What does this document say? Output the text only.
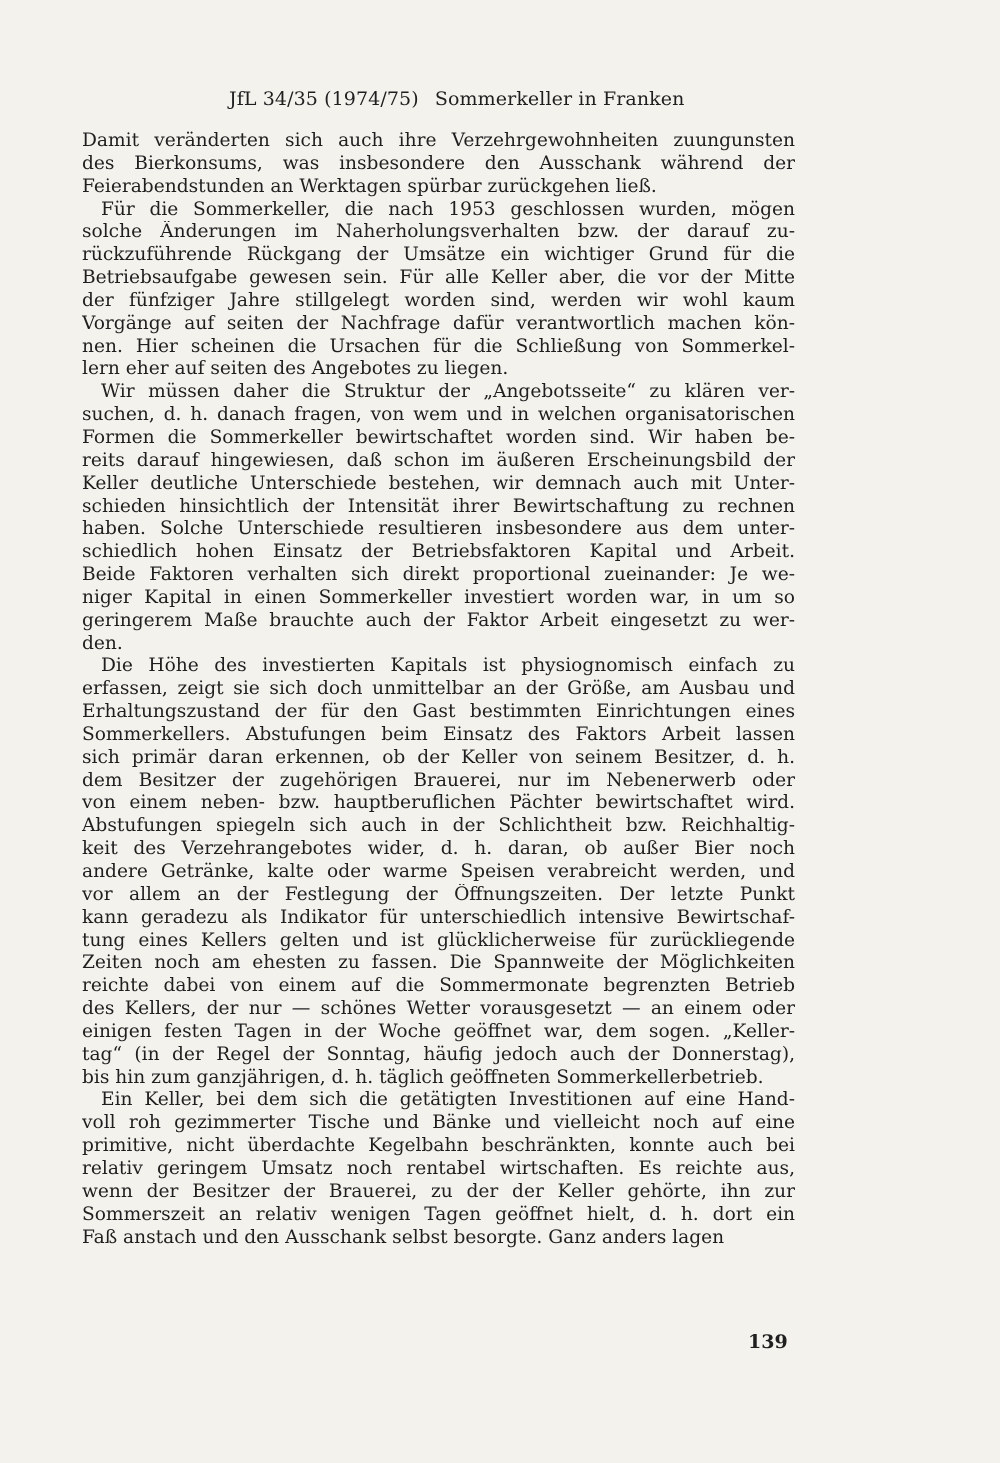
JfL 34/35 (1974/75) Sommerkeller in Franken
Damit veränderten sich auch ihre Verzehrgewohnheiten zuungunsten
des Bierkonsums, was insbesondere den Ausschank während der
Feierabendstunden an Werktagen spürbar zurückgehen ließ.
Für die Sommerkeller, die nach 1953 geschlossen wurden, mögen
solche Änderungen im Naherholungsverhalten bzw. der darauf zu-
rückzuführende Rückgang der Umsätze ein wichtiger Grund für die
Betriebsaufgabe gewesen sein. Für alle Keller aber, die vor der Mitte
der fünfziger Jahre stillgelegt worden sind, werden wir wohl kaum
Vorgänge auf seiten der Nachfrage dafür verantwortlich machen kön-
nen. Hier scheinen die Ursachen für die Schließung von Sommerkel-
lern eher auf seiten des Angebotes zu liegen.
Wir müssen daher die Struktur der „Angebotsseite“ zu klären ver-
suchen, d. h. danach fragen, von wem und in welchen organisatorischen
Formen die Sommerkeller bewirtschaftet worden sind. Wir haben be-
reits darauf hingewiesen, daß schon im äußeren Erscheinungsbild der
Keller deutliche Unterschiede bestehen, wir demnach auch mit Unter-
schieden hinsichtlich der Intensität ihrer Bewirtschaftung zu rechnen
haben. Solche Unterschiede resultieren insbesondere aus dem unter-
schiedlich hohen Einsatz der Betriebsfaktoren Kapital und Arbeit.
Beide Faktoren verhalten sich direkt proportional zueinander: Je we-
niger Kapital in einen Sommerkeller investiert worden war, in um so
geringerem Maße brauchte auch der Faktor Arbeit eingesetzt zu wer-
den.
Die Höhe des investierten Kapitals ist physiognomisch einfach zu
erfassen, zeigt sie sich doch unmittelbar an der Größe, am Ausbau und
Erhaltungszustand der für den Gast bestimmten Einrichtungen eines
Sommerkellers. Abstufungen beim Einsatz des Faktors Arbeit lassen
sich primär daran erkennen, ob der Keller von seinem Besitzer, d. h.
dem Besitzer der zugehörigen Brauerei, nur im Nebenerwerb oder
von einem neben- bzw. hauptberuflichen Pächter bewirtschaftet wird.
Abstufungen spiegeln sich auch in der Schlichtheit bzw. Reichhaltig-
keit des Verzehrangebotes wider, d. h. daran, ob außer Bier noch
andere Getränke, kalte oder warme Speisen verabreicht werden, und
vor allem an der Festlegung der Öffnungszeiten. Der letzte Punkt
kann geradezu als Indikator für unterschiedlich intensive Bewirtschaf-
tung eines Kellers gelten und ist glücklicherweise für zurückliegende
Zeiten noch am ehesten zu fassen. Die Spannweite der Möglichkeiten
reichte dabei von einem auf die Sommermonate begrenzten Betrieb
des Kellers, der nur — schönes Wetter vorausgesetzt — an einem oder
einigen festen Tagen in der Woche geöffnet war, dem sogen. „Keller-
tag“ (in der Regel der Sonntag, häufig jedoch auch der Donnerstag),
bis hin zum ganzjährigen, d. h. täglich geöffneten Sommerkellerbetrieb.
Ein Keller, bei dem sich die getätigten Investitionen auf eine Hand-
voll roh gezimmerter Tische und Bänke und vielleicht noch auf eine
primitive, nicht überdachte Kegelbahn beschränkten, konnte auch bei
relativ geringem Umsatz noch rentabel wirtschaften. Es reichte aus,
wenn der Besitzer der Brauerei, zu der der Keller gehörte, ihn zur
Sommerszeit an relativ wenigen Tagen geöffnet hielt, d. h. dort ein
Faß anstach und den Ausschank selbst besorgte. Ganz anders lagen
139
